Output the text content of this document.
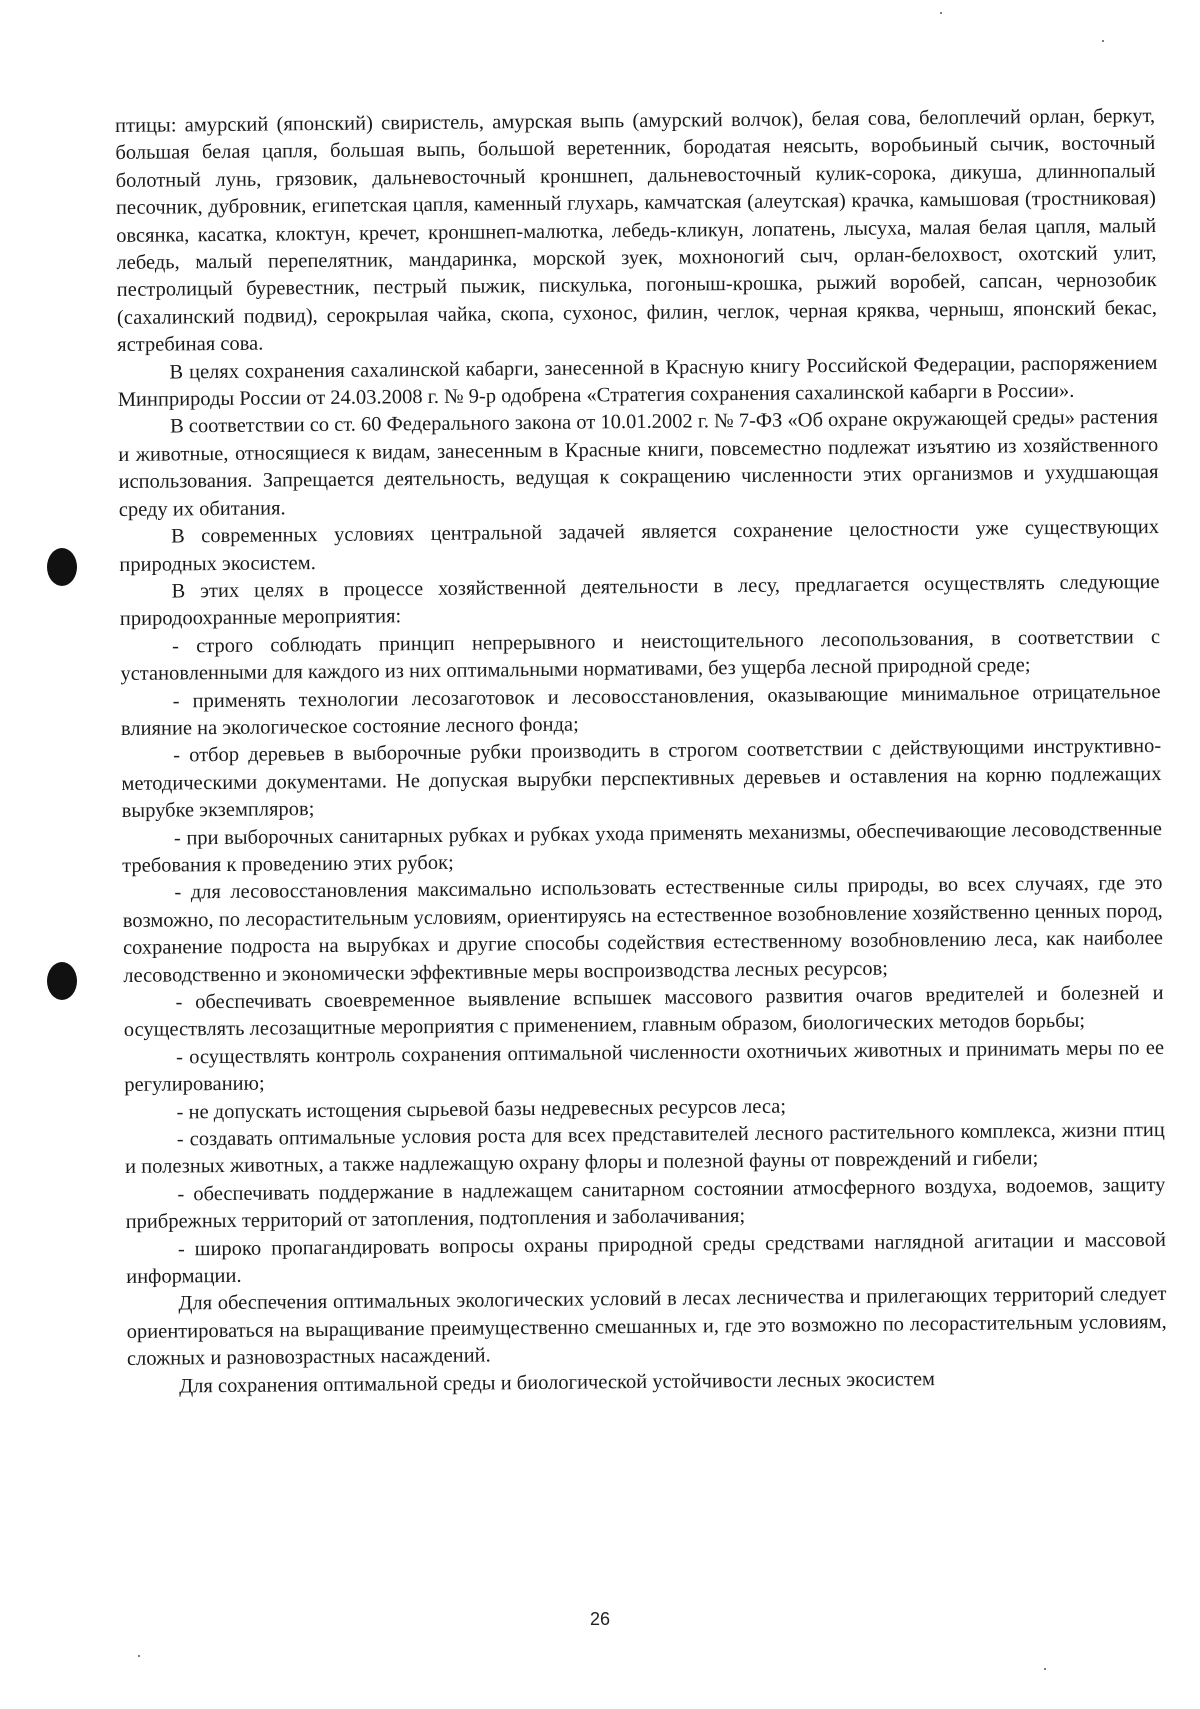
птицы: амурский (японский) свиристель, амурская выпь (амурский волчок), белая сова, белоплечий орлан, беркут, большая белая цапля, большая выпь, большой веретенник, бородатая неясыть, воробьиный сычик, восточный болотный лунь, грязовик, дальневосточный кроншнеп, дальневосточный кулик-сорока, дикуша, длиннопалый песочник, дубровник, египетская цапля, каменный глухарь, камчатская (алеутская) крачка, камышовая (тростниковая) овсянка, касатка, клоктун, кречет, кроншнеп-малютка, лебедь-кликун, лопатень, лысуха, малая белая цапля, малый лебедь, малый перепелятник, мандаринка, морской зуек, мохноногий сыч, орлан-белохвост, охотский улит, пестролицый буревестник, пестрый пыжик, пискулька, погоныш-крошка, рыжий воробей, сапсан, чернозобик (сахалинский подвид), серокрылая чайка, скопа, сухонос, филин, чеглок, черная кряква, черныш, японский бекас, ястребиная сова.

В целях сохранения сахалинской кабарги, занесенной в Красную книгу Российской Федерации, распоряжением Минприроды России от 24.03.2008 г. № 9-р одобрена «Стратегия сохранения сахалинской кабарги в России».

В соответствии со ст. 60 Федерального закона от 10.01.2002 г. № 7-ФЗ «Об охране окружающей среды» растения и животные, относящиеся к видам, занесенным в Красные книги, повсеместно подлежат изъятию из хозяйственного использования. Запрещается деятельность, ведущая к сокращению численности этих организмов и ухудшающая среду их обитания.

В современных условиях центральной задачей является сохранение целостности уже существующих природных экосистем.

В этих целях в процессе хозяйственной деятельности в лесу, предлагается осуществлять следующие природоохранные мероприятия:

- строго соблюдать принцип непрерывного и неистощительного лесопользования, в соответствии с установленными для каждого из них оптимальными нормативами, без ущерба лесной природной среде;

- применять технологии лесозаготовок и лесовосстановления, оказывающие минимальное отрицательное влияние на экологическое состояние лесного фонда;

- отбор деревьев в выборочные рубки производить в строгом соответствии с действующими инструктивно-методическими документами. Не допуская вырубки перспективных деревьев и оставления на корню подлежащих вырубке экземпляров;

- при выборочных санитарных рубках и рубках ухода применять механизмы, обеспечивающие лесоводственные требования к проведению этих рубок;

- для лесовосстановления максимально использовать естественные силы природы, во всех случаях, где это возможно, по лесорастительным условиям, ориентируясь на естественное возобновление хозяйственно ценных пород, сохранение подроста на вырубках и другие способы содействия естественному возобновлению леса, как наиболее лесоводственно и экономически эффективные меры воспроизводства лесных ресурсов;

- обеспечивать своевременное выявление вспышек массового развития очагов вредителей и болезней и осуществлять лесозащитные мероприятия с применением, главным образом, биологических методов борьбы;

- осуществлять контроль сохранения оптимальной численности охотничьих животных и принимать меры по ее регулированию;

- не допускать истощения сырьевой базы недревесных ресурсов леса;

- создавать оптимальные условия роста для всех представителей лесного растительного комплекса, жизни птиц и полезных животных, а также надлежащую охрану флоры и полезной фауны от повреждений и гибели;

- обеспечивать поддержание в надлежащем санитарном состоянии атмосферного воздуха, водоемов, защиту прибрежных территорий от затопления, подтопления и заболачивания;

- широко пропагандировать вопросы охраны природной среды средствами наглядной агитации и массовой информации.

Для обеспечения оптимальных экологических условий в лесах лесничества и прилегающих территорий следует ориентироваться на выращивание преимущественно смешанных и, где это возможно по лесорастительным условиям, сложных и разновозрастных насаждений.

Для сохранения оптимальной среды и биологической устойчивости лесных экосистем

26
